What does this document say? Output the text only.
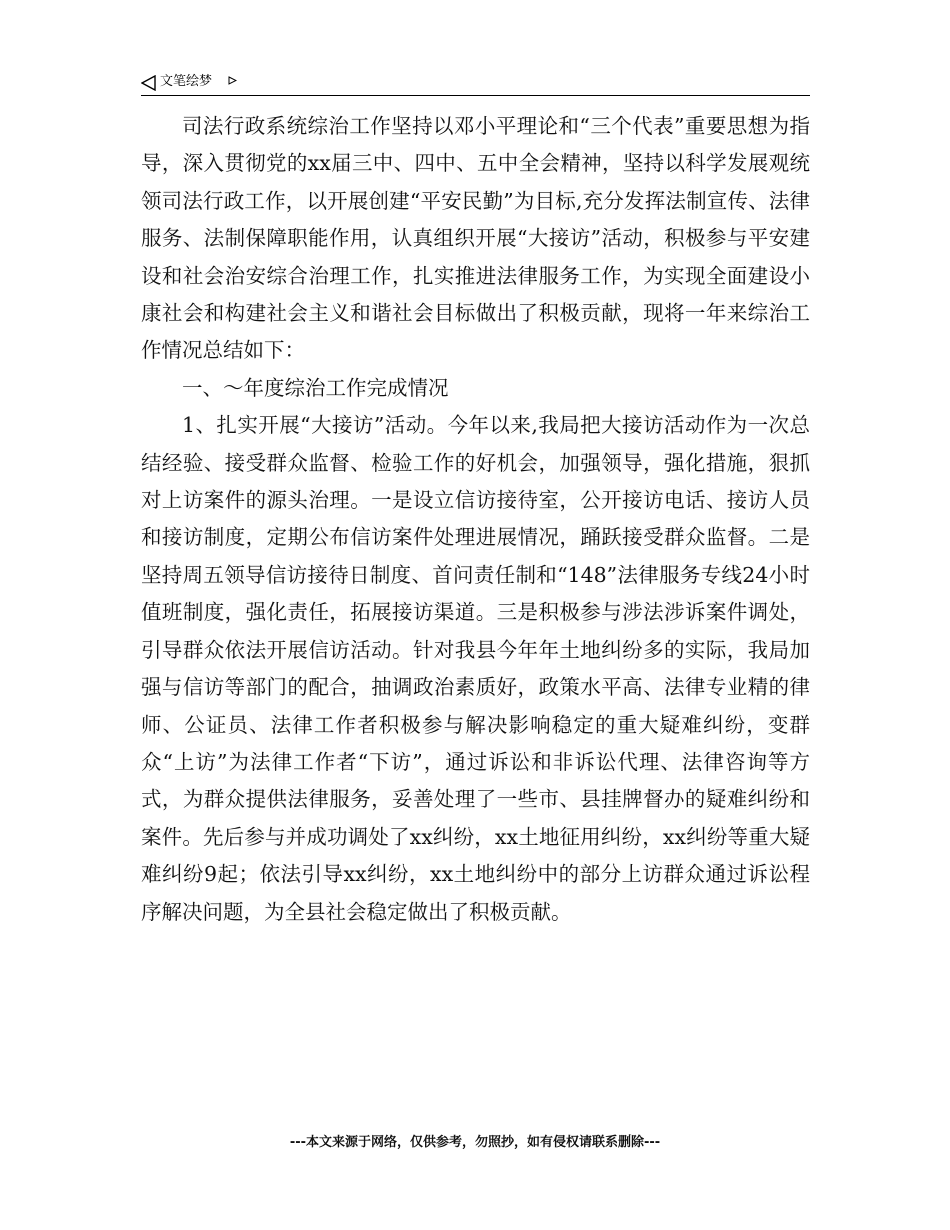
文笔绘梦

司法行政系统综治工作坚持以邓小平理论和“三个代表”重要思想为指导，深入贯彻党的xx届三中、四中、五中全会精神，坚持以科学发展观统领司法行政工作，以开展创建“平安民勤”为目标,充分发挥法制宣传、法律服务、法制保障职能作用，认真组织开展“大接访”活动，积极参与平安建设和社会治安综合治理工作，扎实推进法律服务工作，为实现全面建设小康社会和构建社会主义和谐社会目标做出了积极贡献，现将一年来综治工作情况总结如下：

一、～年度综治工作完成情况

1、扎实开展“大接访”活动。今年以来,我局把大接访活动作为一次总结经验、接受群众监督、检验工作的好机会，加强领导，强化措施，狠抓对上访案件的源头治理。一是设立信访接待室，公开接访电话、接访人员和接访制度，定期公布信访案件处理进展情况，踊跃接受群众监督。二是坚持周五领导信访接待日制度、首问责任制和“148”法律服务专线24小时值班制度，强化责任，拓展接访渠道。三是积极参与涉法涉诉案件调处，引导群众依法开展信访活动。针对我县今年年土地纠纷多的实际，我局加强与信访等部门的配合，抽调政治素质好，政策水平高、法律专业精的律师、公证员、法律工作者积极参与解决影响稳定的重大疑难纠纷，变群众“上访”为法律工作者“下访”，通过诉讼和非诉讼代理、法律咨询等方式，为群众提供法律服务，妥善处理了一些市、县挂牌督办的疑难纠纷和案件。先后参与并成功调处了xx纠纷，xx土地征用纠纷，xx纠纷等重大疑难纠纷9起；依法引导xx纠纷，xx土地纠纷中的部分上访群众通过诉讼程序解决问题，为全县社会稳定做出了积极贡献。

---本文来源于网络，仅供参考，勿照抄，如有侵权请联系删除---
